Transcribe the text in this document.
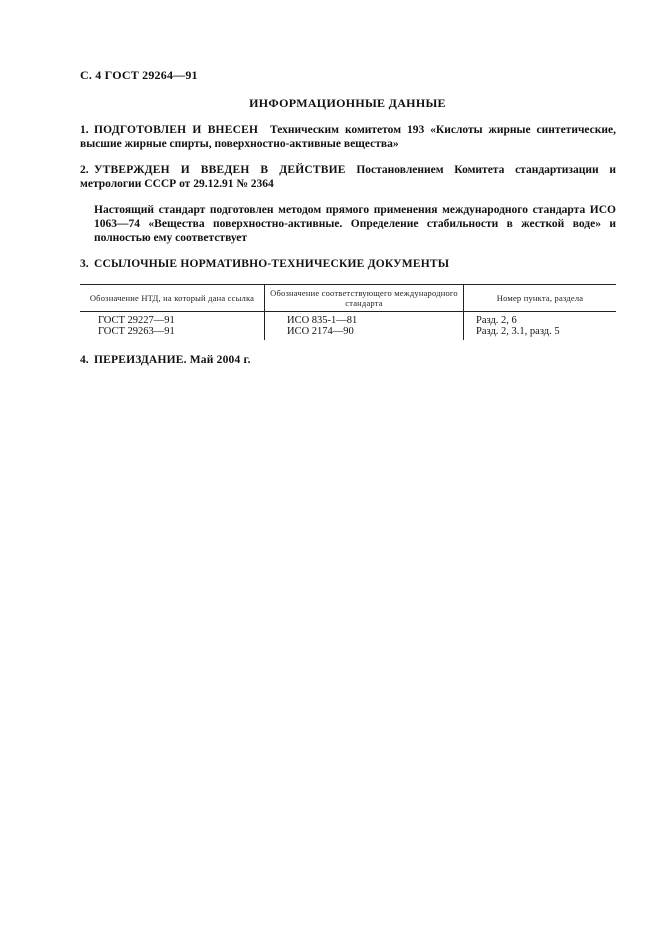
С. 4 ГОСТ 29264—91
ИНФОРМАЦИОННЫЕ ДАННЫЕ
1. ПОДГОТОВЛЕН И ВНЕСЕН Техническим комитетом 193 «Кислоты жирные синтетические, высшие жирные спирты, поверхностно-активные вещества»
2. УТВЕРЖДЕН И ВВЕДЕН В ДЕЙСТВИЕ Постановлением Комитета стандартизации и метрологии СССР от 29.12.91 № 2364
Настоящий стандарт подготовлен методом прямого применения международного стандарта ИСО 1063—74 «Вещества поверхностно-активные. Определение стабильности в жесткой воде» и полностью ему соответствует
3. ССЫЛОЧНЫЕ НОРМАТИВНО-ТЕХНИЧЕСКИЕ ДОКУМЕНТЫ
Обозначение НТД, на который дана ссылка	Обозначение соответствующего международного стандарта	Номер пункта, раздела
ГОСТ 29227—91	ИСО 835-1—81	Разд. 2, 6
ГОСТ 29263—91	ИСО 2174—90	Разд. 2, 3.1, разд. 5
4. ПЕРЕИЗДАНИЕ. Май 2004 г.
